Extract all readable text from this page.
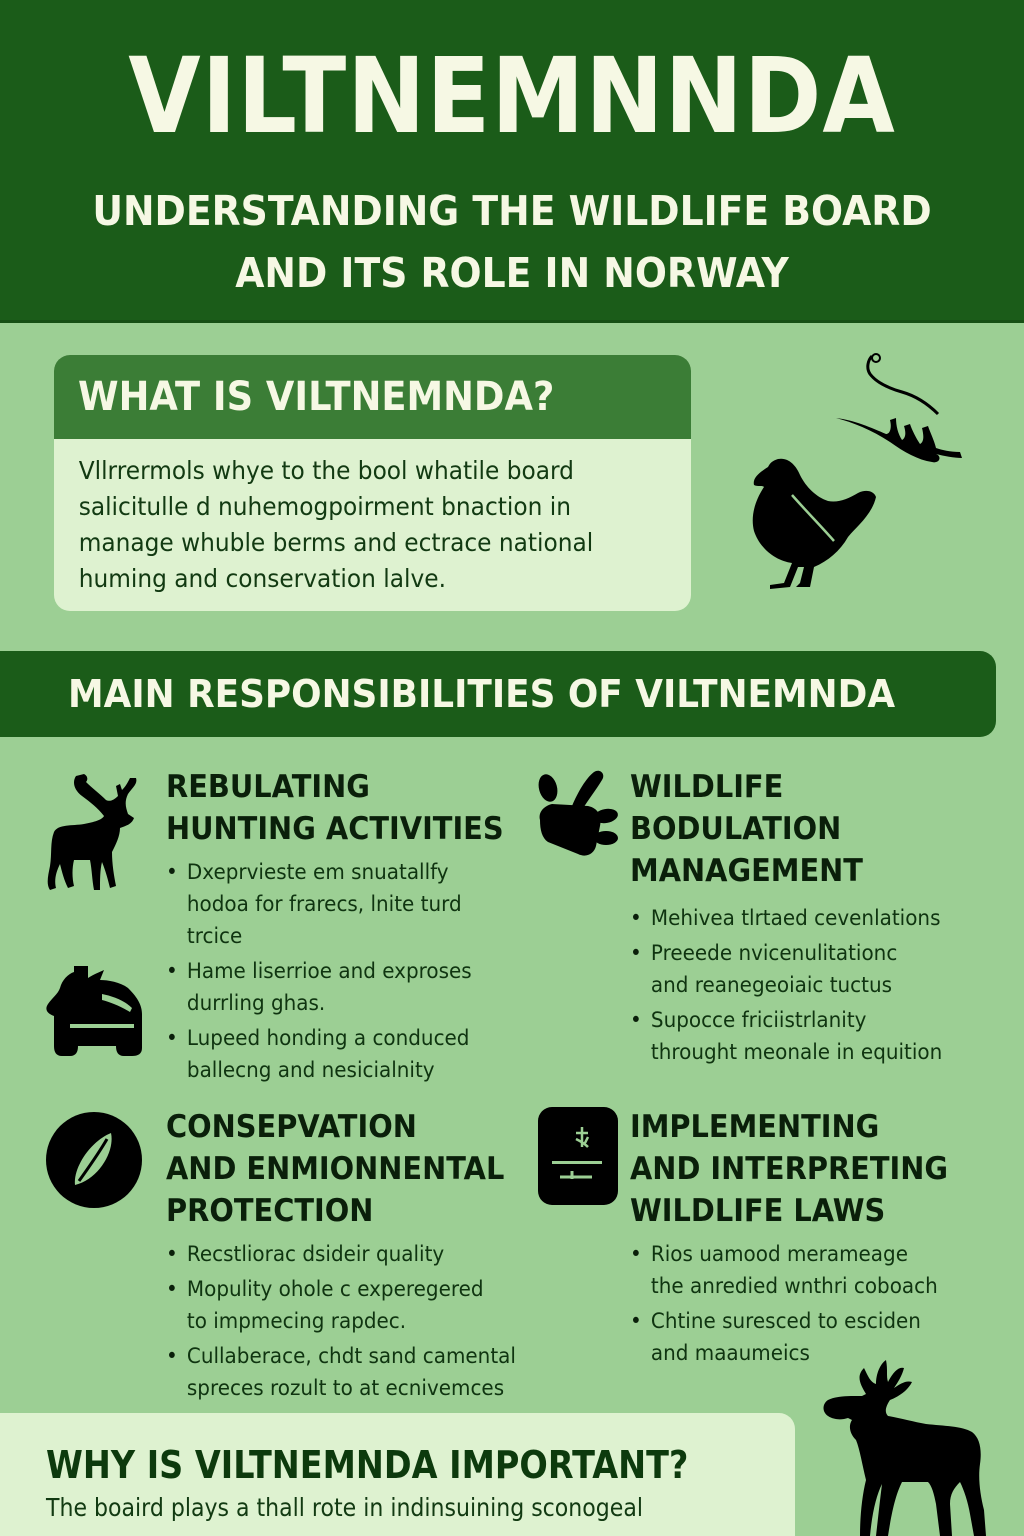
VILTNEMNNDA
UNDERSTANDING THE WILDLIFE BOARD
AND ITS ROLE IN NORWAY
WHAT IS VILTNEMNDA?
Vllrrermols whye to the bool whatile board
salicitulle d nuhemogpoirment bnaction in
manage whuble berms and ectrace national
huming and conservation lalve.
MAIN RESPONSIBILITIES OF VILTNEMNDA
REBULATING
HUNTING ACTIVITIES
• Dxeprvieste em snuatallfy
hodoa for frarecs, lnite turd
trcice
• Hame liserrioe and exproses
durrling ghas.
• Lupeed honding a conduced
ballecng and nesicialnity
WILDLIFE
BODULATION
MANAGEMENT
• Mehivea tlrtaed cevenlations
• Preeede nvicenulitationc
and reanegeoiaic tuctus
• Supocce friciistrlanity
throught meonale in equition
CONSEPVATION
AND ENMIONNENTAL
PROTECTION
• Recstliorac dsideir quality
• Mopulity ohole c experegered
to impmecing rapdec.
• Cullaberace, chdt sand camental
spreces rozult to at ecnivemces
IMPLEMENTING
AND INTERPRETING
WILDLIFE LAWS
• Rios uamood meramеage
the anredied wnthri coboach
• Chtine suresced to esciden
and maaumeics
WHY IS VILTNEMNDA IMPORTANT?

The boaird plays a thall rote in indinsuining sconogeal
